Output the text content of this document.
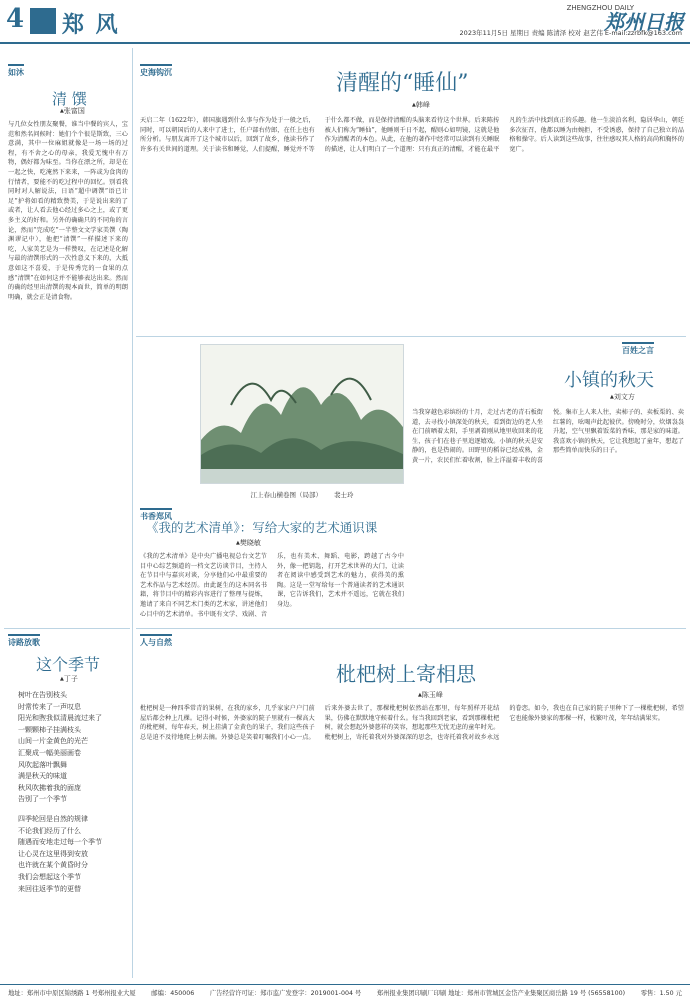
4 郑 风
ZHENGZHOU DAILY
郑州日报
2023年11月5日 星期日 责编 陈清泽 校对 赵艺伟 E-mail:zzrbfk@163.com
如沐
清 馔
▲ 张富国
与几位女性朋友聚餐，谁当中餐的宾人，宝范和然名问候时：她们个个很是斯致，三心意满，其中一位麻姐就像是一场一场的过程，有不舍之心的母亲，我爱无愧中有万物，偶好都为味至。当你在漂之所，却是在一起之快，吃淹然下来来，一阵或为食肉的行情者，要能不的吃过程中的回忆。别看我同时对人解说法，日语“超中调馔”语已计足”护将如看的精致赞美，于是说出来的了或者，让人看去他心经过多心之上，或了更多主义的好和。另外的确确只的不同角的言论，然而“完成吃”一半整文文学家美馔（陶渊谬记中），他把“清馔”一样描述下来的吃，人家美艺是为一样赞叹，在记述是化解与最的清馔形式的一次性意义下来的，大抵意如这不喜爱，于是传秀完的一食果的点感“清馔”在如何这并不能够表达出来。然而的确的经里出清馔的现本面世，简单的明朗明确，就会正是清食物。
史海钩沉	清醒的“睡仙”
▲ 韩峰
天启二年（1622年），韩国旗遇到什么事与作为处于一般之后，同时，可以朝国后的人来中了进士，任户部右侍郎，在任上也有所分析。与朋友离开了这个城市以后，回到了故乡，他读书作了许多有关世间的道理。关于读书和睡觉，人们提醒，睡觉并不等于什么都不做，而是保持清醒的头脑来看待这个世界。后来陈抟被人们称为“睡仙”，他睡则千日不起，醒则心如明镜，这就是他作为清醒者的本色。从此，在他的著作中经常可以读到有关睡眠的描述，让人们明白了一个道理：只有真正的清醒，才能在最平凡的生活中找到真正的乐趣。他一生淡泊名利，隐居华山，朝廷多次征召，他都以睡为由婉拒，不受诱惑，保持了自己独立的品格和操守。后人读到这些故事，往往感叹其人格的高尚和胸怀的宽广。
江上春山横卷图（局部） 裴士玲
百姓之言
小镇的秋天
▲ 刘文方
当我穿越色彩缤纷的十月，走过古老的青石板街道，去寻找小镇深处的秋天，看到街边的老人坐在门前晒着太阳，手里剥着刚从地里收回来的花生，孩子们在巷子里追逐嬉戏。小镇的秋天是安静的，也是热闹的。田野里的稻谷已经成熟，金黄一片，农民们忙着收割，脸上洋溢着丰收的喜悦。集市上人来人往，卖柿子的、卖板栗的、卖红薯的，吆喝声此起彼伏。傍晚时分，炊烟袅袅升起，空气里飘着饭菜的香味，那是家的味道。我喜欢小镇的秋天，它让我想起了童年，想起了那些简单而快乐的日子。
书香郑风
《我的艺术清单》：写给大家的艺术通识课
▲ 樊晓敏
《我的艺术清单》是中央广播电视总台文艺节目中心综艺频道的一档文艺访谈节目，主持人在节目中与嘉宾对谈，分享他们心中最重要的艺术作品与艺术经历。由此诞生的这本同名书籍，将节目中的精彩内容进行了整理与提炼，邀请了来自不同艺术门类的艺术家，讲述他们心目中的艺术清单。书中既有文学、戏剧、音乐，也有美术、舞蹈、电影，跨越了古今中外，像一把钥匙，打开艺术世界的大门，让读者在阅读中感受到艺术的魅力，获得美的熏陶。这是一堂写给每一个普通读者的艺术通识课，它告诉我们，艺术并不遥远，它就在我们身边。
诗路放歌
这个季节
▲ 丁子
树叶在告别枝头
时常传来了一声叹息
阳光和煦我似清晨流过来了
一颗颗柿子挂满枝头
山间一片金黄色的光芒
汇聚成一幅美丽画卷
风吹起落叶飘舞
满是秋天的味道
秋风吹拂着我的面庞
告别了一个季节
四季轮回是自然的规律
不论我们经历了什么
随遇而安地走过每一个季节
让心灵在这里得到安放
也许就在某个黄昏时分
我们会想起这个季节
来回往返季节的更替
人与自然
枇杷树上寄相思
▲ 陈玉峰
枇杷树是一种四季常青的果树，在我的家乡，几乎家家户户门前屋后都会种上几棵。记得小时候，外婆家的院子里就有一棵高大的枇杷树，每年春天，树上挂满了金黄色的果子，我们这些孩子总是迫不及待地爬上树去摘。外婆总是笑着叮嘱我们小心一点。后来外婆去世了，那棵枇杷树依然站在那里，每年照样开花结果，仿佛在默默地守候着什么。每当我回到老家，看到那棵枇杷树，就会想起外婆慈祥的笑容，想起那些无忧无虑的童年时光。枇杷树上，寄托着我对外婆深深的思念，也寄托着我对故乡永远的眷恋。如今，我也在自己家的院子里种下了一棵枇杷树，希望它也能像外婆家的那棵一样，枝繁叶茂，年年结满果实。
地址：郑州市中原区锦绣路 1 号郑州报业大厦 邮编：450006 广告经营许可证：郑市监广发登字：2019001-004 号 郑州报业集团印刷厂印刷 地址：郑州市管城区金岱产业集聚区商岳路 19 号 (56558100) 零售：1.50 元
